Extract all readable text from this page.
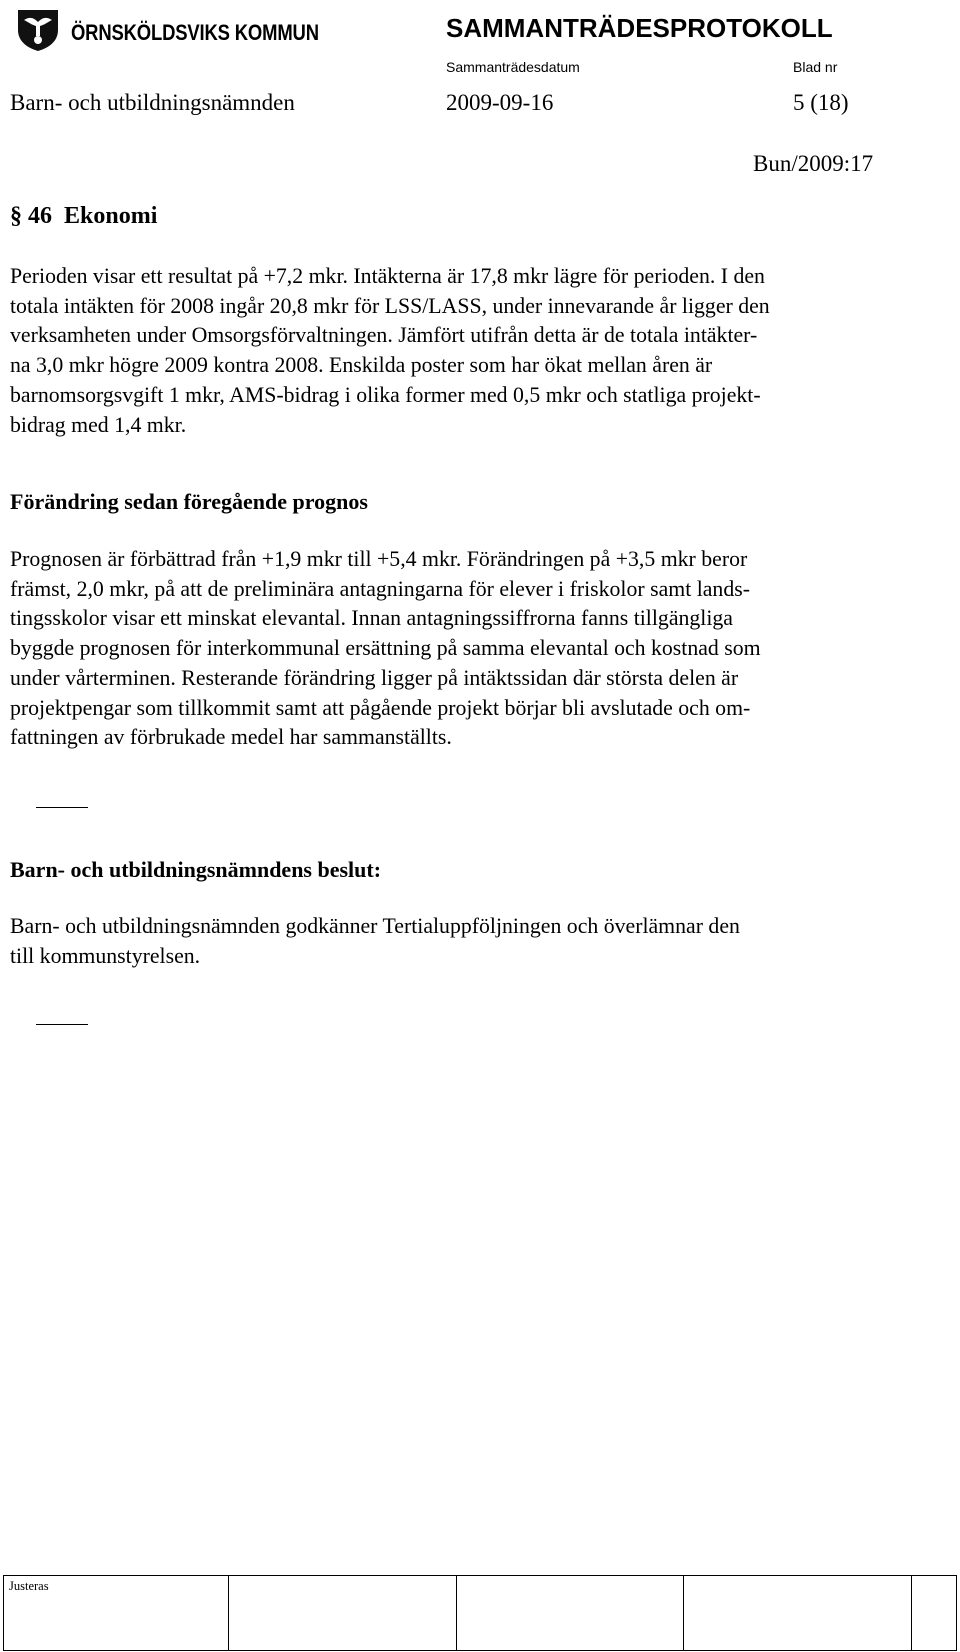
ÖRNSKÖLDSVIKS KOMMUN	SAMMANTRÄDESPROTOKOLL
Sammanträdesdatum	Blad nr
Barn- och utbildningsnämnden	2009-09-16	5 (18)
Bun/2009:17
§ 46  Ekonomi
Perioden visar ett resultat på +7,2 mkr. Intäkterna är 17,8 mkr lägre för perioden. I den
totala intäkten för 2008 ingår 20,8 mkr för LSS/LASS, under innevarande år ligger den
verksamheten under Omsorgsförvaltningen. Jämfört utifrån detta är de totala intäkter-
na 3,0 mkr högre 2009 kontra 2008. Enskilda poster som har ökat mellan åren är
barnomsorgsvgift 1 mkr, AMS-bidrag i olika former med 0,5 mkr och statliga projekt-
bidrag med 1,4 mkr.
Förändring sedan föregående prognos
Prognosen är förbättrad från +1,9 mkr till +5,4 mkr. Förändringen på +3,5 mkr beror
främst, 2,0 mkr, på att de preliminära antagningarna för elever i friskolor samt lands-
tingsskolor visar ett minskat elevantal. Innan antagningssiffrorna fanns tillgängliga
byggde prognosen för interkommunal ersättning på samma elevantal och kostnad som
under vårterminen. Resterande förändring ligger på intäktssidan där största delen är
projektpengar som tillkommit samt att pågående projekt börjar bli avslutade och om-
fattningen av förbrukade medel har sammanställts.
Barn- och utbildningsnämndens beslut:
Barn- och utbildningsnämnden godkänner Tertialuppföljningen och överlämnar den
till kommunstyrelsen.
Justeras
